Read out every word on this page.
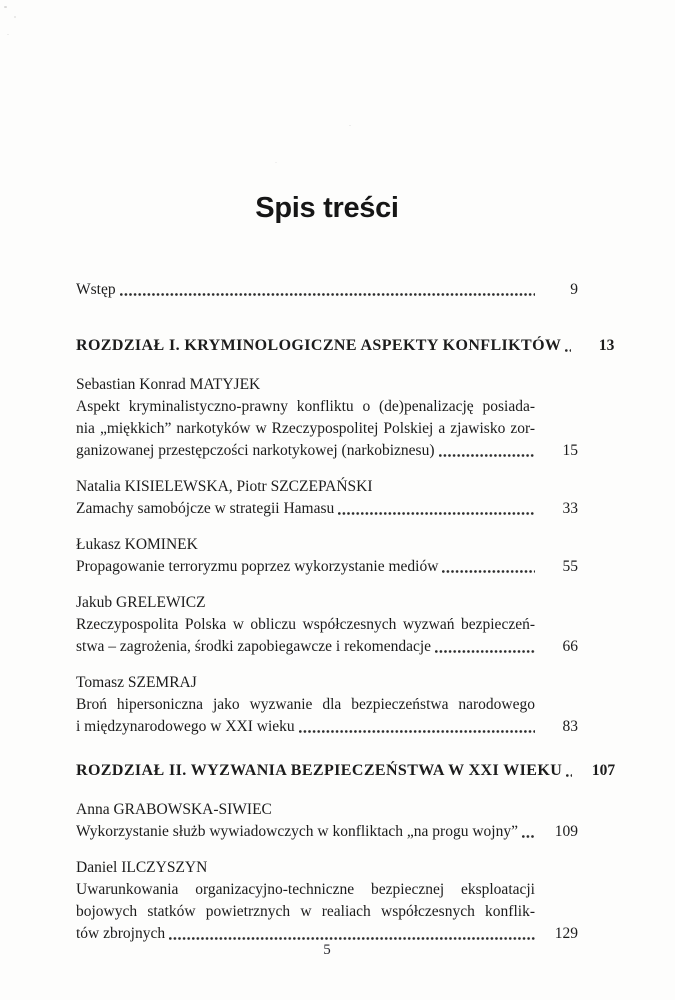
Spis treści
Wstęp	9
ROZDZIAŁ I. KRYMINOLOGICZNE ASPEKTY KONFLIKTÓW	13
Sebastian Konrad MATYJEK
Aspekt kryminalistyczno-prawny konfliktu o (de)penalizację posiada-
nia „miękkich” narkotyków w Rzeczypospolitej Polskiej a zjawisko zor-
ganizowanej przestępczości narkotykowej (narkobiznesu)	15
Natalia KISIELEWSKA, Piotr SZCZEPAŃSKI
Zamachy samobójcze w strategii Hamasu	33
Łukasz KOMINEK
Propagowanie terroryzmu poprzez wykorzystanie mediów	55
Jakub GRELEWICZ
Rzeczypospolita Polska w obliczu współczesnych wyzwań bezpieczeń-
stwa – zagrożenia, środki zapobiegawcze i rekomendacje	66
Tomasz SZEMRAJ
Broń hipersoniczna jako wyzwanie dla bezpieczeństwa narodowego
i międzynarodowego w XXI wieku	83
ROZDZIAŁ II. WYZWANIA BEZPIECZEŃSTWA W XXI WIEKU	107
Anna GRABOWSKA-SIWIEC
Wykorzystanie służb wywiadowczych w konfliktach „na progu wojny”	109
Daniel ILCZYSZYN
Uwarunkowania organizacyjno-techniczne bezpiecznej eksploatacji
bojowych statków powietrznych w realiach współczesnych konflik-
tów zbrojnych	129
5
